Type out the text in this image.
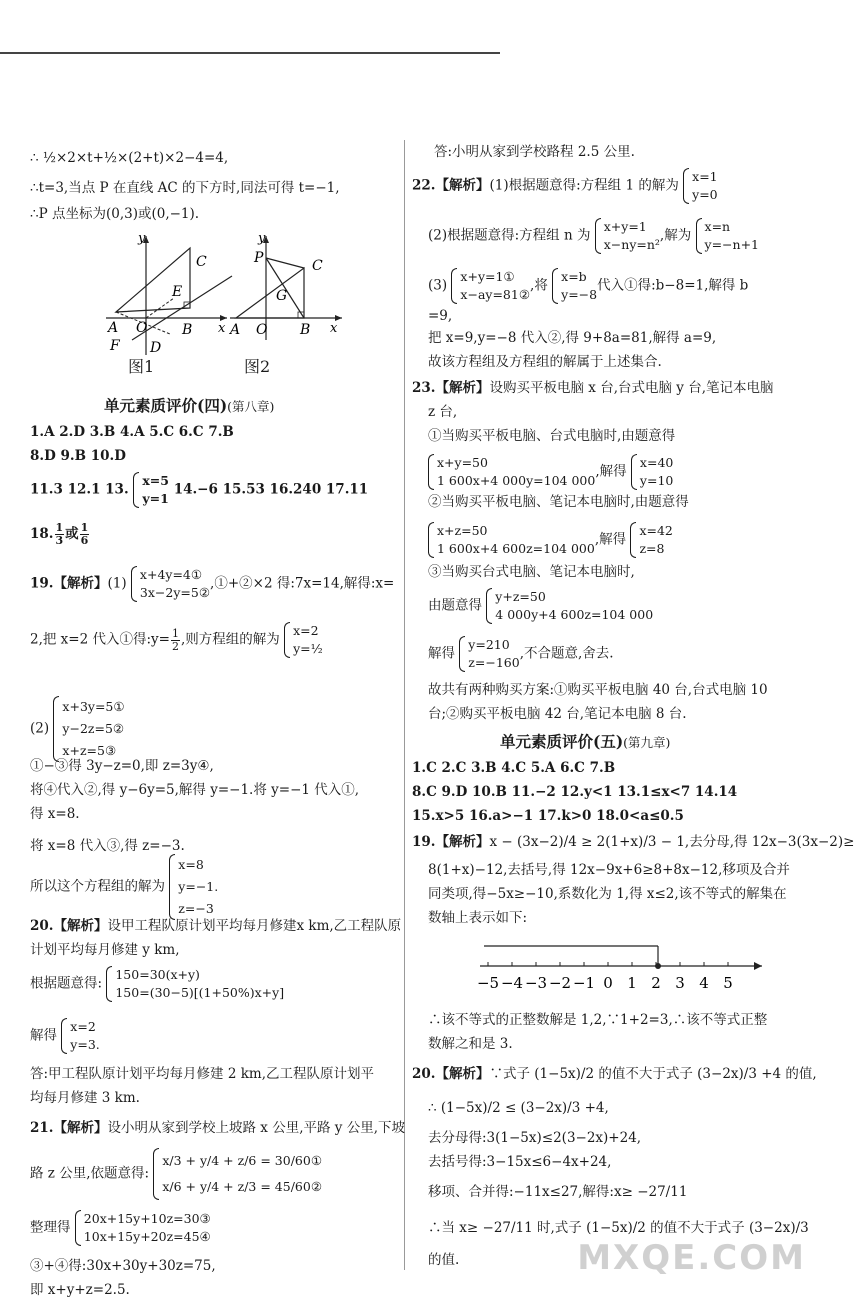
∴ ½×2×t+½×(2+t)×2−4=4,
∴t=3,当点 P 在直线 AC 的下方时,同法可得 t=−1,
∴P 点坐标为(0,3)或(0,−1).
y
C
E
A O B x
F D
图1
y
P	C
G
A O B x
图2
单元素质评价(四)(第八章)
1.A 2.D 3.B 4.A 5.C 6.C 7.B
8.D 9.B 10.D
11.3 12.1 13.
x=5
y=1
14.−6 15.53 16.240 17.11
18. $\frac{1}{3}$ 或 $\frac{1}{6}$
19.【解析】(1)
x+4y=4①
3x−2y=5②
,①+②×2 得:7x=14,解得:x=
2,把 x=2 代入①得:y= $\frac{1}{2}$ ,则方程组的解为
x=2
y=½
(2)
x+3y=5①
y−2z=5②
x+z=5③
①−③得 3y−z=0,即 z=3y④,
将④代入②,得 y−6y=5,解得 y=−1.将 y=−1 代入①,
得 x=8.
将 x=8 代入③,得 z=−3.
所以这个方程组的解为
x=8
y=−1.
z=−3
20.【解析】设甲工程队原计划平均每月修建x km,乙工程队原
计划平均每月修建 y km,
根据题意得:
150=30(x+y)
150=(30−5)[(1+50%)x+y]
解得
x=2
y=3.
答:甲工程队原计划平均每月修建 2 km,乙工程队原计划平
均每月修建 3 km.
21.【解析】设小明从家到学校上坡路 x 公里,平路 y 公里,下坡
路 z 公里,依题意得:
x/3 + y/4 + z/6 = 30/60①
x/6 + y/4 + z/3 = 45/60②
整理得
20x+15y+10z=30③
10x+15y+20z=45④
③+④得:30x+30y+30z=75,
即 x+y+z=2.5.
答:小明从家到学校路程 2.5 公里.
22.【解析】(1)根据题意得:方程组 1 的解为
x=1
y=0
(2)根据题意得:方程组 n 为
x+y=1
x−ny=n²
,解为
x=n
y=−n+1
(3)
x+y=1①
x−ay=81②
,将
x=b
y=−8
代入①得:b−8=1,解得 b
=9,
把 x=9,y=−8 代入②,得 9+8a=81,解得 a=9,
故该方程组及方程组的解属于上述集合.
23.【解析】设购买平板电脑 x 台,台式电脑 y 台,笔记本电脑
z 台,
①当购买平板电脑、台式电脑时,由题意得
x+y=50
1 600x+4 000y=104 000
,解得
x=40
y=10
②当购买平板电脑、笔记本电脑时,由题意得
x+z=50
1 600x+4 600z=104 000
,解得
x=42
z=8
③当购买台式电脑、笔记本电脑时,
由题意得
y+z=50
4 000y+4 600z=104 000
解得
y=210
z=−160
,不合题意,舍去.
故共有两种购买方案:①购买平板电脑 40 台,台式电脑 10
台;②购买平板电脑 42 台,笔记本电脑 8 台.
单元素质评价(五)(第九章)
1.C 2.C 3.B 4.C 5.A 6.C 7.B
8.C 9.D 10.B 11.−2 12.y<1 13.1≤x<7 14.14
15.x>5 16.a>−1 17.k>0 18.0<a≤0.5
19.【解析】x − (3x−2)/4 ≥ 2(1+x)/3 − 1,去分母,得 12x−3(3x−2)≥
8(1+x)−12,去括号,得 12x−9x+6≥8+8x−12,移项及合并
同类项,得−5x≥−10,系数化为 1,得 x≤2,该不等式的解集在
数轴上表示如下:
−5 −4 −3 −2 −1 0 1 2 3 4 5
∴该不等式的正整数解是 1,2,∵1+2=3,∴该不等式正整
数解之和是 3.
20.【解析】∵式子 (1−5x)/2 的值不大于式子 (3−2x)/3 +4 的值,
∴ (1−5x)/2 ≤ (3−2x)/3 +4,
去分母得:3(1−5x)≤2(3−2x)+24,
去括号得:3−15x≤6−4x+24,
移项、合并得:−11x≤27,解得:x≥ −27/11
∴当 x≥ −27/11 时,式子 (1−5x)/2 的值不大于式子 (3−2x)/3
的值.	MXQE.COM
